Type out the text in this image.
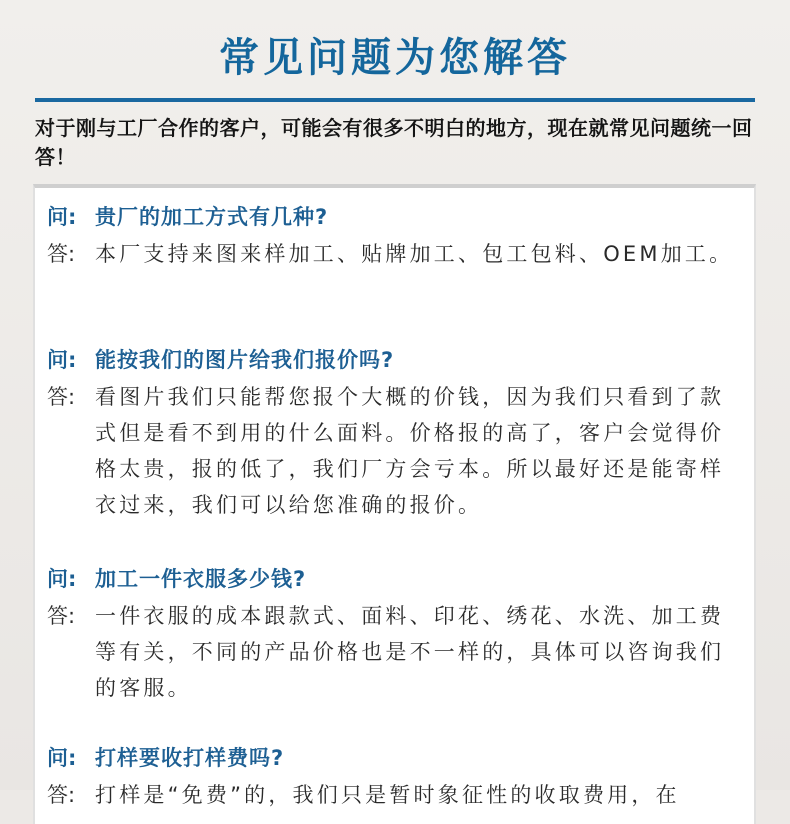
常见问题为您解答

对于刚与工厂合作的客户，可能会有很多不明白的地方，现在就常见问题统一回答！

问: 贵厂的加工方式有几种?
答: 本厂支持来图来样加工、贴牌加工、包工包料、OEM加工。
问: 能按我们的图片给我们报价吗?
答: 看图片我们只能帮您报个大概的价钱，因为我们只看到了款式但是看不到用的什么面料。价格报的高了，客户会觉得价格太贵，报的低了，我们厂方会亏本。所以最好还是能寄样衣过来，我们可以给您准确的报价。
问: 加工一件衣服多少钱?
答: 一件衣服的成本跟款式、面料、印花、绣花、水洗、加工费等有关，不同的产品价格也是不一样的，具体可以咨询我们的客服。
问: 打样要收打样费吗?
答: 打样是“免费”的，我们只是暂时象征性的收取费用，在
